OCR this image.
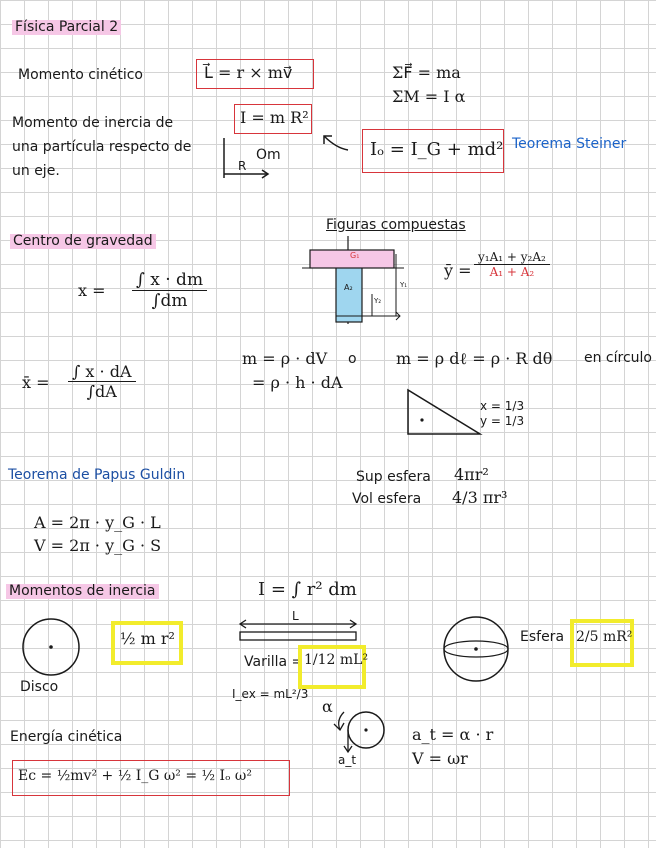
Física Parcial 2
Momento cinético	L⃗ = r × mv⃗	ΣF⃗ = ma
ΣM = I α
Momento de inercia de
una partícula respecto de
un eje.
I = m R²
Om
R
Iₒ = I_G + md² Teorema Steiner
Centro de gravedad
$x = \frac{\int x \cdot dm}{\int dm}$
Figuras compuestas
G₁
A₂	Y₁
Y₂
ȳ = $\frac{\text{y₁A₁ + y₂A₂}}{\text{A₁ + A₂}}$
m = ρ · dV o
= ρ · h · dA
m = ρ dℓ = ρ · R dθ en círculo
x̄ = $\frac{\int x \cdot dA}{\int dA}$
x = 1/3
y = 1/3
Teorema de Papus Guldin
A = 2π · y_G · L
V = 2π · y_G · S
Sup esfera 4πr²
Vol esfera 4/3 πr³
Momentos de inercia	I = ∫ r² dm
Disco
½ m r²
L
Varilla = 1/12 mL²
I_ex = mL²/3
Esfera 2/5 mR²
α
a_t
a_t = α · r
V = ωr
Energía cinética
Ec = ½mv² + ½ I_G ω² = ½ Iₒ ω²
